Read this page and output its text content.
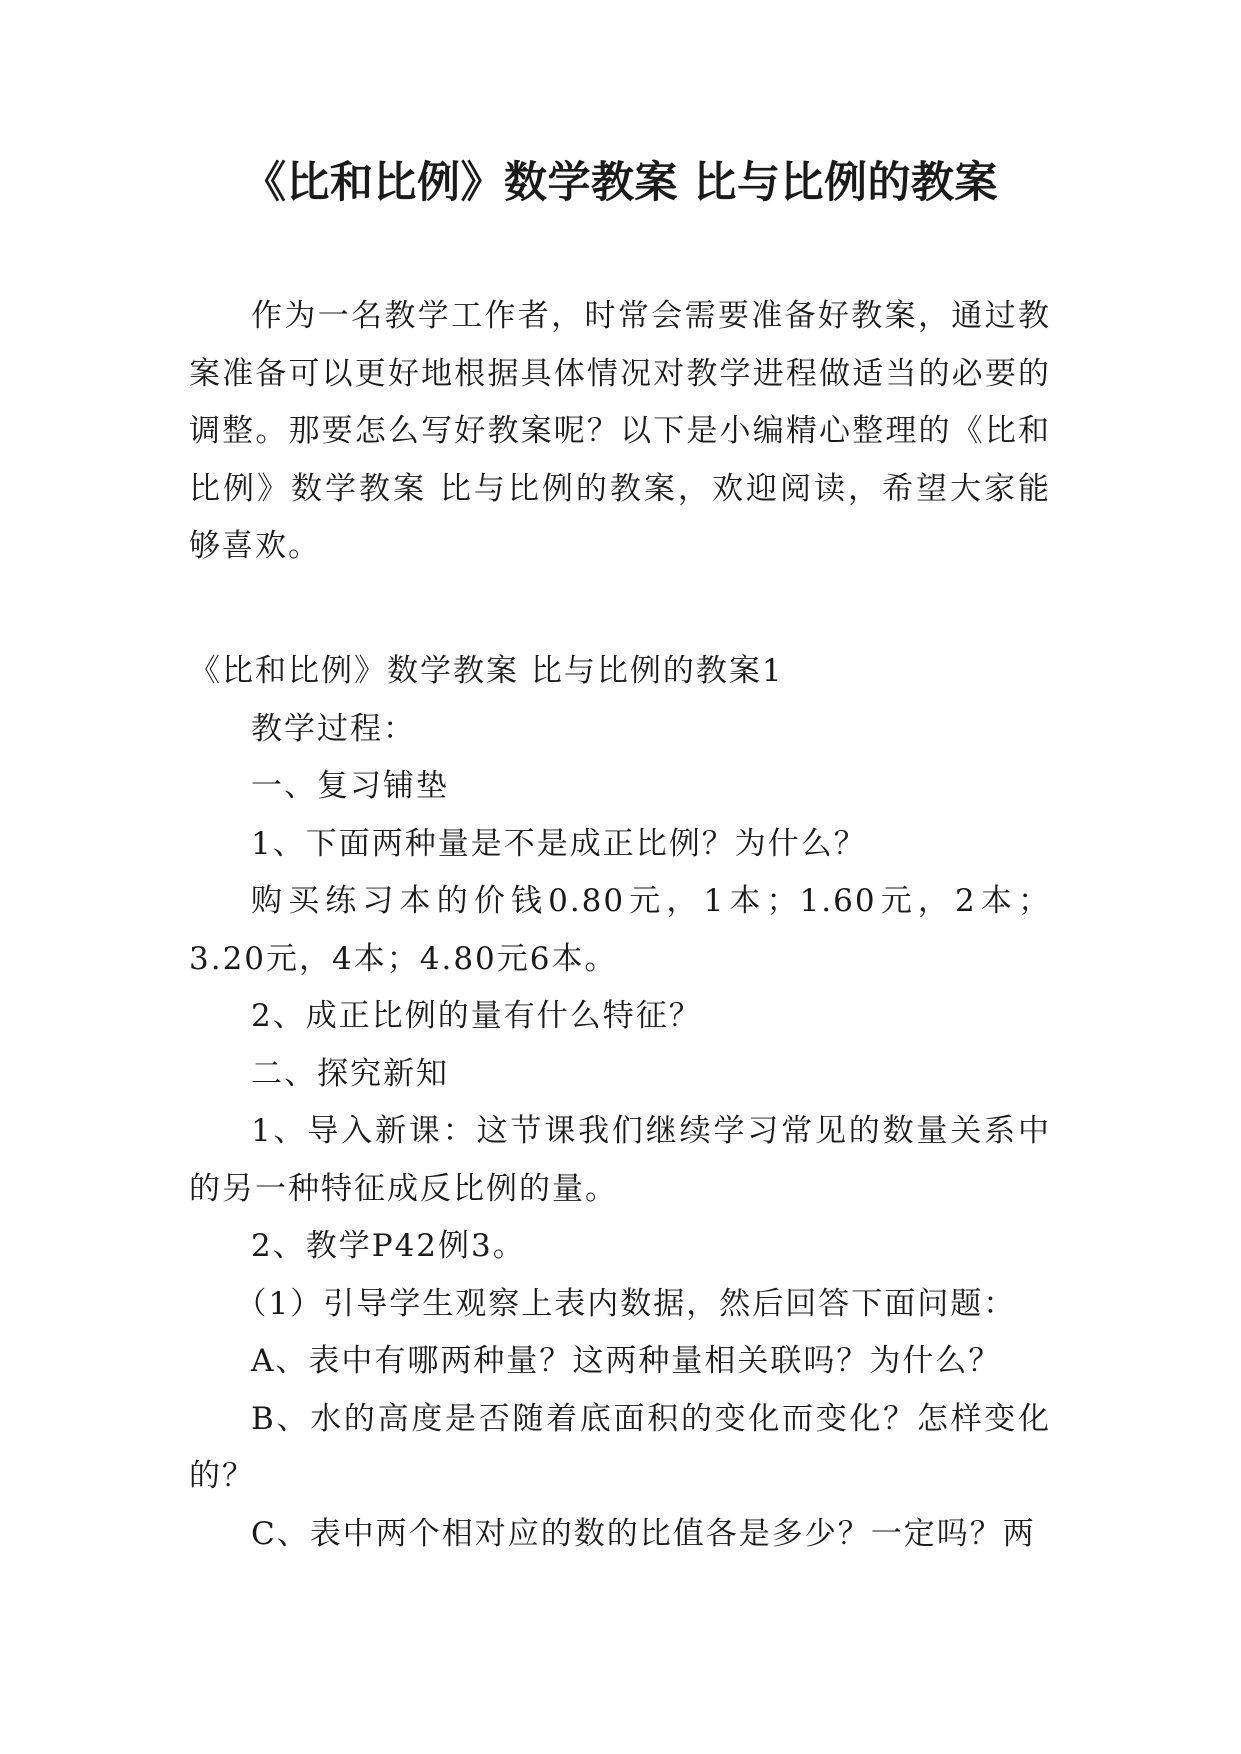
《比和比例》数学教案 比与比例的教案

作为一名教学工作者，时常会需要准备好教案，通过教案准备可以更好地根据具体情况对教学进程做适当的必要的调整。那要怎么写好教案呢？以下是小编精心整理的《比和比例》数学教案 比与比例的教案，欢迎阅读，希望大家能够喜欢。

《比和比例》数学教案 比与比例的教案1

教学过程：

一、复习铺垫

1、下面两种量是不是成正比例？为什么？

购买练习本的价钱0.80元，1本；1.60元，2本；3.20元，4本；4.80元6本。

2、成正比例的量有什么特征？

二、探究新知

1、导入新课：这节课我们继续学习常见的数量关系中的另一种特征成反比例的量。

2、教学P42例3。

（1）引导学生观察上表内数据，然后回答下面问题：

A、表中有哪两种量？这两种量相关联吗？为什么？

B、水的高度是否随着底面积的变化而变化？怎样变化的？

C、表中两个相对应的数的比值各是多少？一定吗？两
